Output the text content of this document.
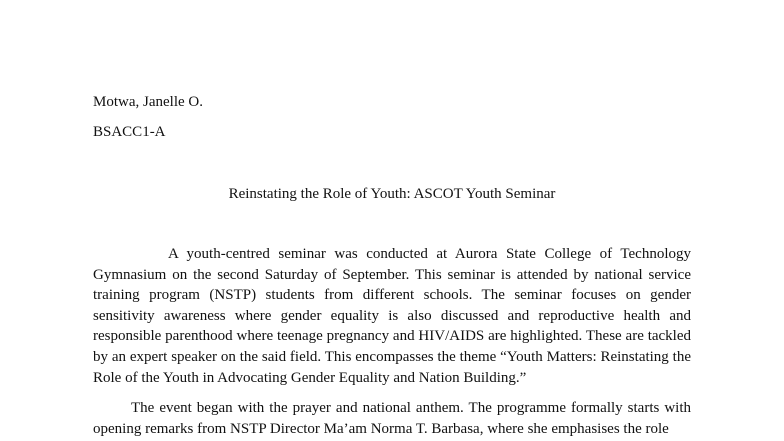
Motwa, Janelle O.
BSACC1-A
Reinstating the Role of Youth: ASCOT Youth Seminar

A youth-centred seminar was conducted at Aurora State College of Technology Gymnasium on the second Saturday of September. This seminar is attended by national service training program (NSTP) students from different schools. The seminar focuses on gender sensitivity awareness where gender equality is also discussed and reproductive health and responsible parenthood where teenage pregnancy and HIV/AIDS are highlighted. These are tackled by an expert speaker on the said field. This encompasses the theme “Youth Matters: Reinstating the Role of the Youth in Advocating Gender Equality and Nation Building.”

The event began with the prayer and national anthem. The programme formally starts with opening remarks from NSTP Director Ma’am Norma T. Barbasa, where she emphasises the role
